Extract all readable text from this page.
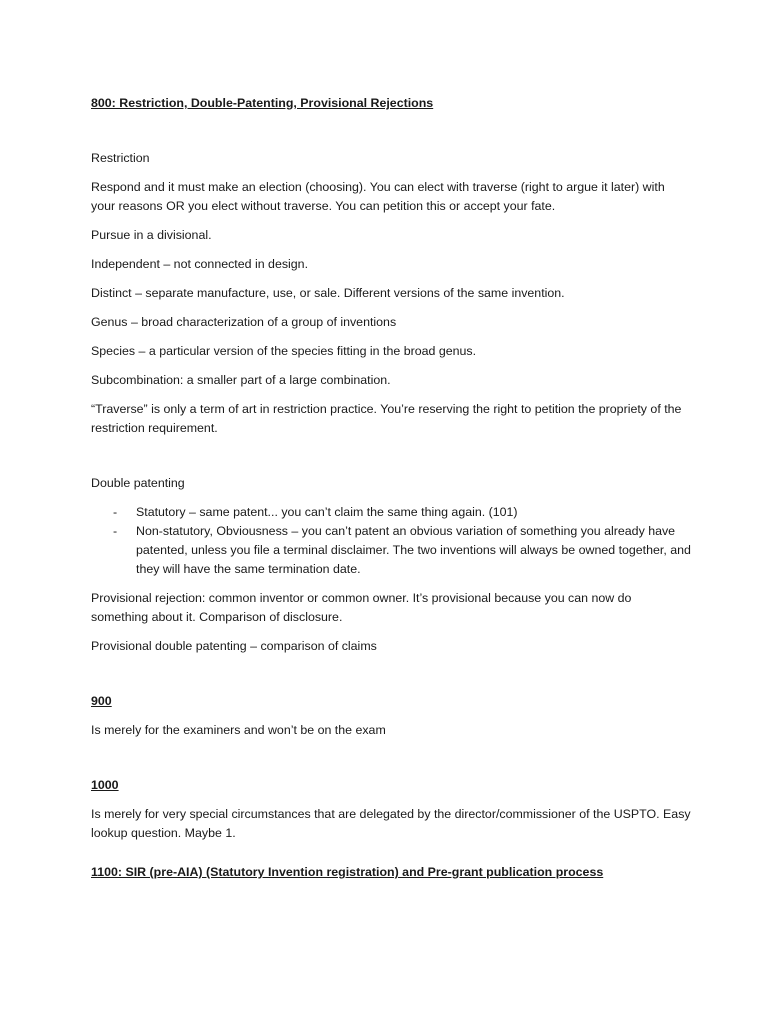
800: Restriction, Double-Patenting, Provisional Rejections

Restriction

Respond and it must make an election (choosing). You can elect with traverse (right to argue it later) with your reasons OR you elect without traverse. You can petition this or accept your fate.

Pursue in a divisional.

Independent – not connected in design.

Distinct – separate manufacture, use, or sale. Different versions of the same invention.

Genus – broad characterization of a group of inventions

Species – a particular version of the species fitting in the broad genus.

Subcombination: a smaller part of a large combination.

“Traverse” is only a term of art in restriction practice. You’re reserving the right to petition the propriety of the restriction requirement.

Double patenting

- Statutory – same patent... you can’t claim the same thing again. (101)
- Non-statutory, Obviousness – you can’t patent an obvious variation of something you already have patented, unless you file a terminal disclaimer. The two inventions will always be owned together, and they will have the same termination date.

Provisional rejection: common inventor or common owner. It’s provisional because you can now do something about it. Comparison of disclosure.

Provisional double patenting – comparison of claims

900

Is merely for the examiners and won’t be on the exam

1000

Is merely for very special circumstances that are delegated by the director/commissioner of the USPTO. Easy lookup question. Maybe 1.

1100: SIR (pre-AIA) (Statutory Invention registration) and Pre-grant publication process
